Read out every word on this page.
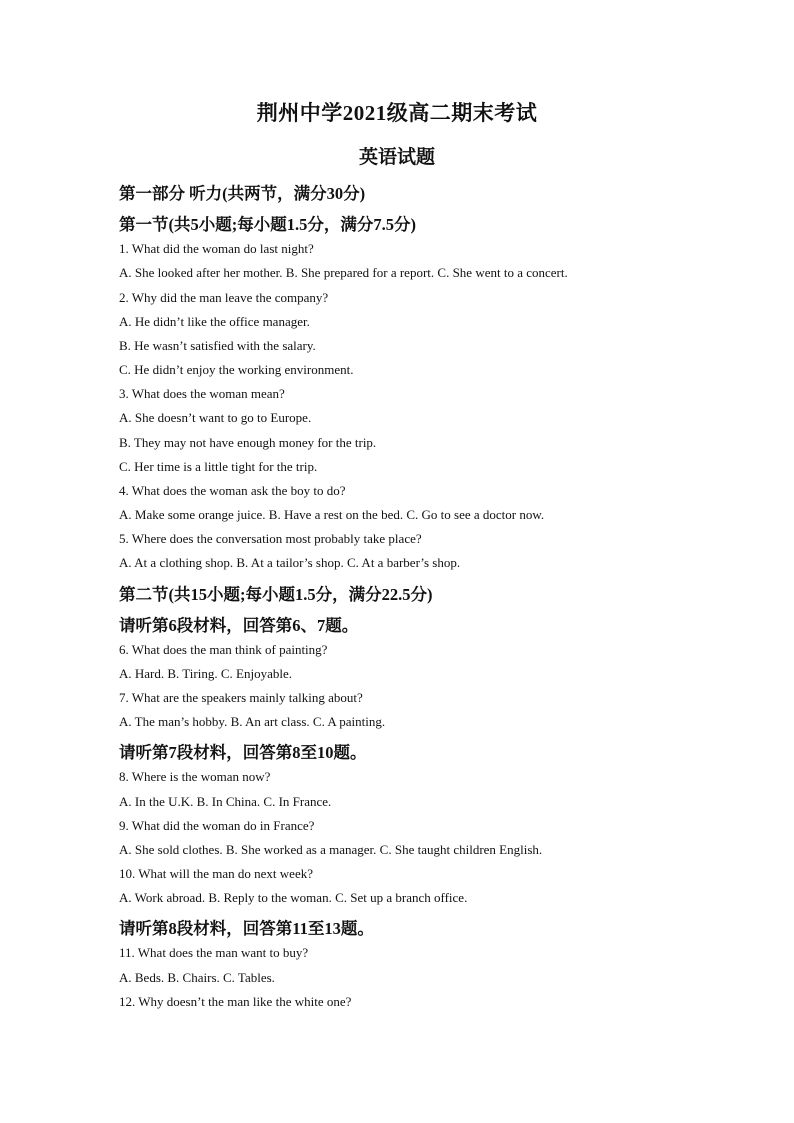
荆州中学2021级高二期末考试
英语试题
第一部分 听力(共两节，满分30分)
第一节(共5小题;每小题1.5分，满分7.5分)
1. What did the woman do last night?
A. She looked after her mother. B. She prepared for a report. C. She went to a concert.
2. Why did the man leave the company?
A. He didn’t like the office manager.
B. He wasn’t satisfied with the salary.
C. He didn’t enjoy the working environment.
3. What does the woman mean?
A. She doesn’t want to go to Europe.
B. They may not have enough money for the trip.
C. Her time is a little tight for the trip.
4. What does the woman ask the boy to do?
A. Make some orange juice. B. Have a rest on the bed. C. Go to see a doctor now.
5. Where does the conversation most probably take place?
A. At a clothing shop. B. At a tailor’s shop. C. At a barber’s shop.
第二节(共15小题;每小题1.5分，满分22.5分)
请听第6段材料，回答第6、7题。
6. What does the man think of painting?
A. Hard. B. Tiring. C. Enjoyable.
7. What are the speakers mainly talking about?
A. The man’s hobby. B. An art class. C. A painting.
请听第7段材料，回答第8至10题。
8. Where is the woman now?
A. In the U.K. B. In China. C. In France.
9. What did the woman do in France?
A. She sold clothes. B. She worked as a manager. C. She taught children English.
10. What will the man do next week?
A. Work abroad. B. Reply to the woman. C. Set up a branch office.
请听第8段材料，回答第11至13题。
11. What does the man want to buy?
A. Beds. B. Chairs. C. Tables.
12. Why doesn’t the man like the white one?
